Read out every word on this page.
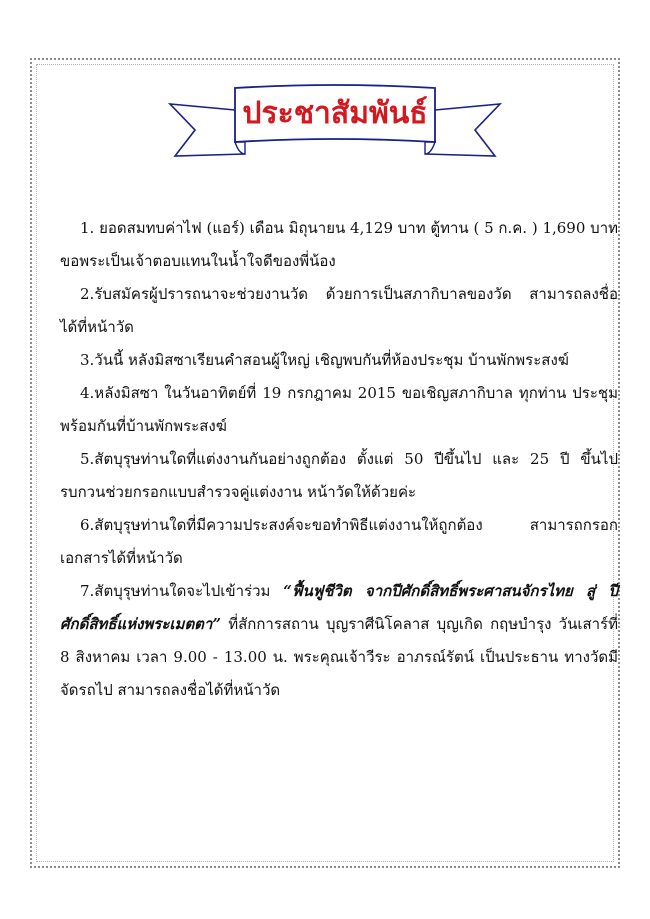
ประชาสัมพันธ์

1. ยอดสมทบค่าไฟ (แอร์) เดือน มิถุนายน 4,129 บาท ตู้ทาน ( 5 ก.ค. ) 1,690 บาท ขอพระเป็นเจ้าตอบแทนในน้ำใจดีของพี่น้อง

2.รับสมัครผู้ปรารถนาจะช่วยงานวัด ด้วยการเป็นสภากิบาลของวัด สามารถลงชื่อได้ที่หน้าวัด

3.วันนี้ หลังมิสซาเรียนคำสอนผู้ใหญ่ เชิญพบกันที่ห้องประชุม บ้านพักพระสงฆ์

4.หลังมิสซา ในวันอาทิตย์ที่ 19 กรกฎาคม 2015 ขอเชิญสภากิบาล ทุกท่าน ประชุมพร้อมกันที่บ้านพักพระสงฆ์

5.สัตบุรุษท่านใดที่แต่งงานกันอย่างถูกต้อง ตั้งแต่ 50 ปีขึ้นไป และ 25 ปี ขึ้นไป รบกวนช่วยกรอกแบบสำรวจคู่แต่งงาน หน้าวัดให้ด้วยค่ะ

6.สัตบุรุษท่านใดที่มีความประสงค์จะขอทำพิธีแต่งงานให้ถูกต้อง สามารถกรอกเอกสารได้ที่หน้าวัด

7.สัตบุรุษท่านใดจะไปเข้าร่วม “ฟื้นฟูชีวิต จากปีศักดิ์สิทธิ์พระศาสนจักรไทย สู่ ปีศักดิ์สิทธิ์แห่งพระเมตตา” ที่สักการสถาน บุญราศีนิโคลาส บุญเกิด กฤษบำรุง วันเสาร์ที่ 8 สิงหาคม เวลา 9.00 - 13.00 น. พระคุณเจ้าวีระ อาภรณ์รัตน์ เป็นประธาน ทางวัดมีจัดรถไป สามารถลงชื่อได้ที่หน้าวัด
